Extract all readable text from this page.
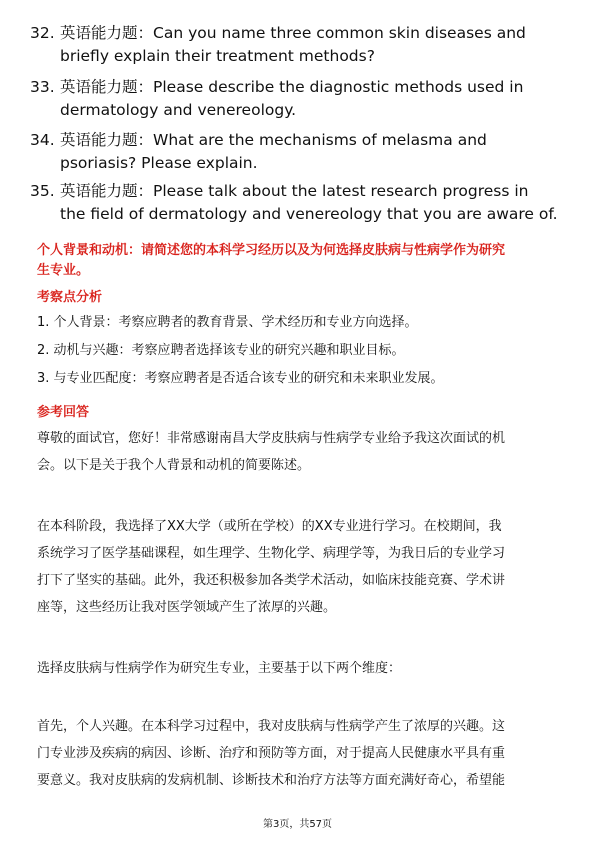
32. 英语能力题：Can you name three common skin diseases and
briefly explain their treatment methods?
33. 英语能力题：Please describe the diagnostic methods used in
dermatology and venereology.
34. 英语能力题：What are the mechanisms of melasma and
psoriasis? Please explain.
35. 英语能力题：Please talk about the latest research progress in
the field of dermatology and venereology that you are aware of.
个人背景和动机：请简述您的本科学习经历以及为何选择皮肤病与性病学作为研究
生专业。
考察点分析
1. 个人背景：考察应聘者的教育背景、学术经历和专业方向选择。
2. 动机与兴趣：考察应聘者选择该专业的研究兴趣和职业目标。
3. 与专业匹配度：考察应聘者是否适合该专业的研究和未来职业发展。
参考回答
尊敬的面试官，您好！非常感谢南昌大学皮肤病与性病学专业给予我这次面试的机
会。以下是关于我个人背景和动机的简要陈述。
在本科阶段，我选择了XX大学（或所在学校）的XX专业进行学习。在校期间，我
系统学习了医学基础课程，如生理学、生物化学、病理学等，为我日后的专业学习
打下了坚实的基础。此外，我还积极参加各类学术活动，如临床技能竞赛、学术讲
座等，这些经历让我对医学领域产生了浓厚的兴趣。
选择皮肤病与性病学作为研究生专业，主要基于以下两个维度：
首先，个人兴趣。在本科学习过程中，我对皮肤病与性病学产生了浓厚的兴趣。这
门专业涉及疾病的病因、诊断、治疗和预防等方面，对于提高人民健康水平具有重
要意义。我对皮肤病的发病机制、诊断技术和治疗方法等方面充满好奇心，希望能
第3页，共57页
